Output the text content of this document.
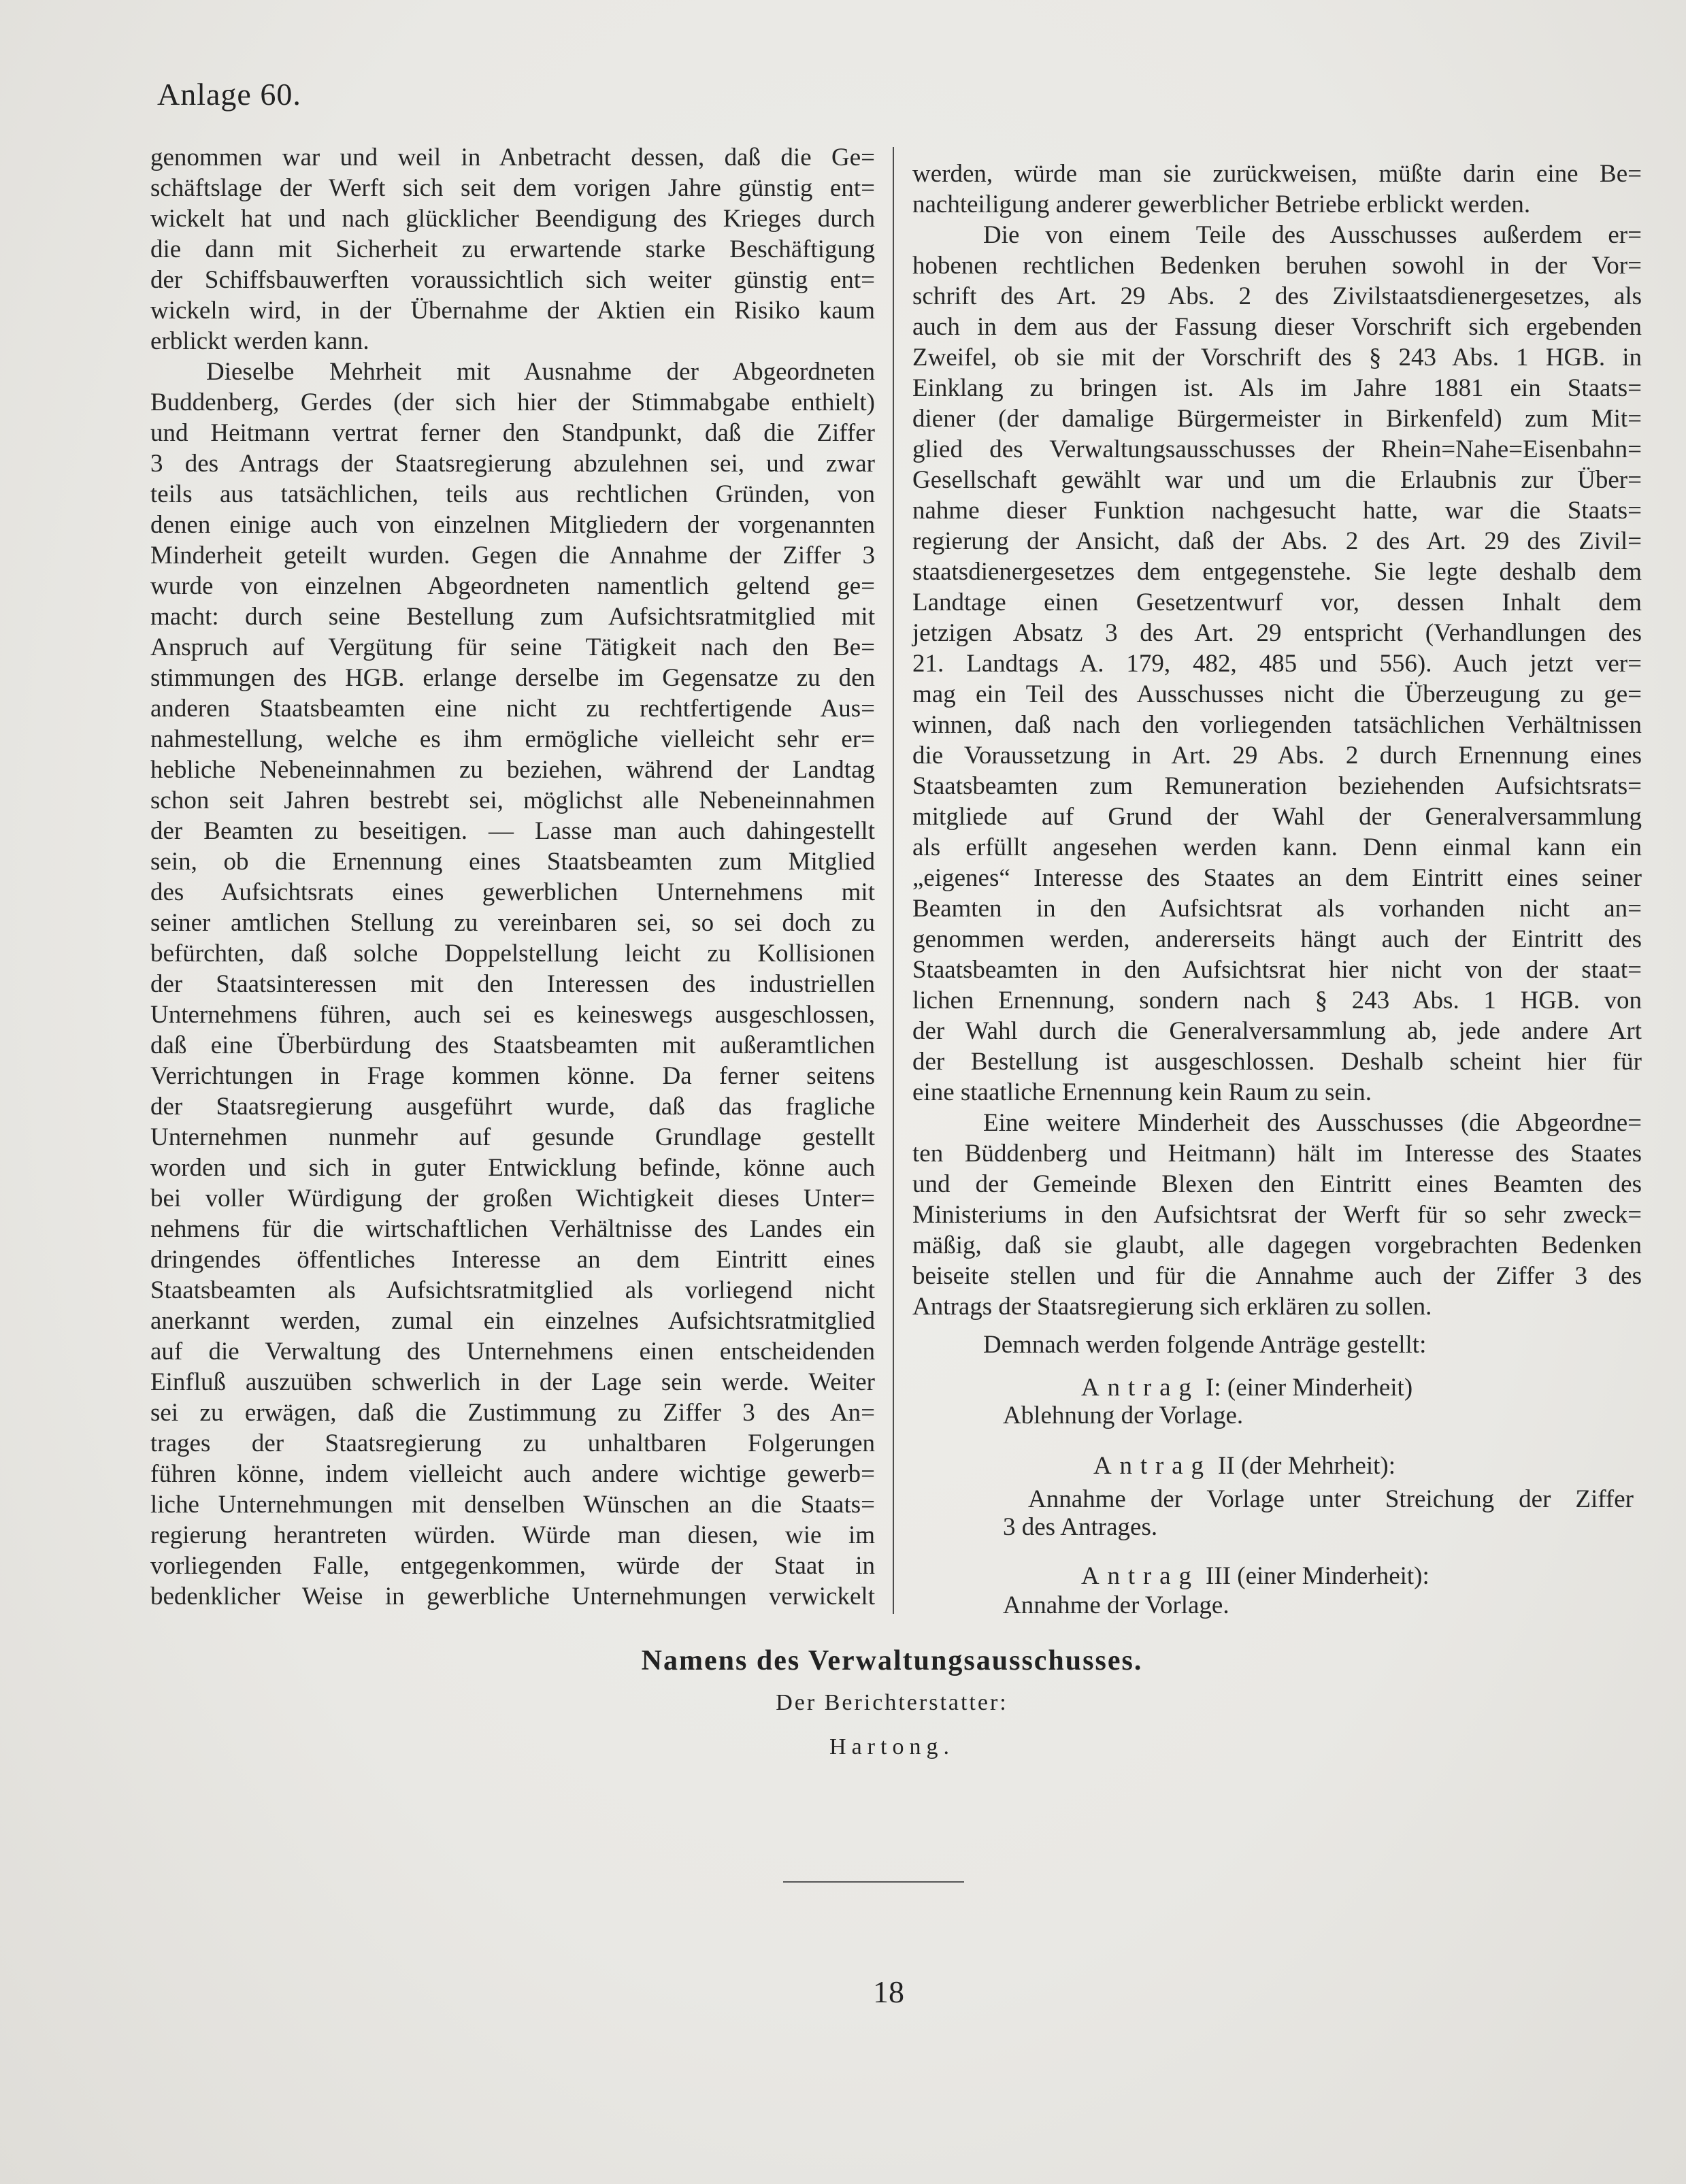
Anlage 60.
genommen war und weil in Anbetracht dessen, daß die Ge=
schäftslage der Werft sich seit dem vorigen Jahre günstig ent=
wickelt hat und nach glücklicher Beendigung des Krieges durch
die dann mit Sicherheit zu erwartende starke Beschäftigung
der Schiffsbauwerften voraussichtlich sich weiter günstig ent=
wickeln wird, in der Übernahme der Aktien ein Risiko kaum
erblickt werden kann.
Dieselbe Mehrheit mit Ausnahme der Abgeordneten
Buddenberg, Gerdes (der sich hier der Stimmabgabe enthielt)
und Heitmann vertrat ferner den Standpunkt, daß die Ziffer
3 des Antrags der Staatsregierung abzulehnen sei, und zwar
teils aus tatsächlichen, teils aus rechtlichen Gründen, von
denen einige auch von einzelnen Mitgliedern der vorgenannten
Minderheit geteilt wurden. Gegen die Annahme der Ziffer 3
wurde von einzelnen Abgeordneten namentlich geltend ge=
macht: durch seine Bestellung zum Aufsichtsratmitglied mit
Anspruch auf Vergütung für seine Tätigkeit nach den Be=
stimmungen des HGB. erlange derselbe im Gegensatze zu den
anderen Staatsbeamten eine nicht zu rechtfertigende Aus=
nahmestellung, welche es ihm ermögliche vielleicht sehr er=
hebliche Nebeneinnahmen zu beziehen, während der Landtag
schon seit Jahren bestrebt sei, möglichst alle Nebeneinnahmen
der Beamten zu beseitigen. — Lasse man auch dahingestellt
sein, ob die Ernennung eines Staatsbeamten zum Mitglied
des Aufsichtsrats eines gewerblichen Unternehmens mit
seiner amtlichen Stellung zu vereinbaren sei, so sei doch zu
befürchten, daß solche Doppelstellung leicht zu Kollisionen
der Staatsinteressen mit den Interessen des industriellen
Unternehmens führen, auch sei es keineswegs ausgeschlossen,
daß eine Überbürdung des Staatsbeamten mit außeramtlichen
Verrichtungen in Frage kommen könne. Da ferner seitens
der Staatsregierung ausgeführt wurde, daß das fragliche
Unternehmen nunmehr auf gesunde Grundlage gestellt
worden und sich in guter Entwicklung befinde, könne auch
bei voller Würdigung der großen Wichtigkeit dieses Unter=
nehmens für die wirtschaftlichen Verhältnisse des Landes ein
dringendes öffentliches Interesse an dem Eintritt eines
Staatsbeamten als Aufsichtsratmitglied als vorliegend nicht
anerkannt werden, zumal ein einzelnes Aufsichtsratmitglied
auf die Verwaltung des Unternehmens einen entscheidenden
Einfluß auszuüben schwerlich in der Lage sein werde. Weiter
sei zu erwägen, daß die Zustimmung zu Ziffer 3 des An=
trages der Staatsregierung zu unhaltbaren Folgerungen
führen könne, indem vielleicht auch andere wichtige gewerb=
liche Unternehmungen mit denselben Wünschen an die Staats=
regierung herantreten würden. Würde man diesen, wie im
vorliegenden Falle, entgegenkommen, würde der Staat in
bedenklicher Weise in gewerbliche Unternehmungen verwickelt
werden, würde man sie zurückweisen, müßte darin eine Be=
nachteiligung anderer gewerblicher Betriebe erblickt werden.
Die von einem Teile des Ausschusses außerdem er=
hobenen rechtlichen Bedenken beruhen sowohl in der Vor=
schrift des Art. 29 Abs. 2 des Zivilstaatsdienergesetzes, als
auch in dem aus der Fassung dieser Vorschrift sich ergebenden
Zweifel, ob sie mit der Vorschrift des § 243 Abs. 1 HGB. in
Einklang zu bringen ist. Als im Jahre 1881 ein Staats=
diener (der damalige Bürgermeister in Birkenfeld) zum Mit=
glied des Verwaltungsausschusses der Rhein=Nahe=Eisenbahn=
Gesellschaft gewählt war und um die Erlaubnis zur Über=
nahme dieser Funktion nachgesucht hatte, war die Staats=
regierung der Ansicht, daß der Abs. 2 des Art. 29 des Zivil=
staatsdienergesetzes dem entgegenstehe. Sie legte deshalb dem
Landtage einen Gesetzentwurf vor, dessen Inhalt dem
jetzigen Absatz 3 des Art. 29 entspricht (Verhandlungen des
21. Landtags A. 179, 482, 485 und 556). Auch jetzt ver=
mag ein Teil des Ausschusses nicht die Überzeugung zu ge=
winnen, daß nach den vorliegenden tatsächlichen Verhältnissen
die Voraussetzung in Art. 29 Abs. 2 durch Ernennung eines
Staatsbeamten zum Remuneration beziehenden Aufsichtsrats=
mitgliede auf Grund der Wahl der Generalversammlung
als erfüllt angesehen werden kann. Denn einmal kann ein
„eigenes“ Interesse des Staates an dem Eintritt eines seiner
Beamten in den Aufsichtsrat als vorhanden nicht an=
genommen werden, andererseits hängt auch der Eintritt des
Staatsbeamten in den Aufsichtsrat hier nicht von der staat=
lichen Ernennung, sondern nach § 243 Abs. 1 HGB. von
der Wahl durch die Generalversammlung ab, jede andere Art
der Bestellung ist ausgeschlossen. Deshalb scheint hier für
eine staatliche Ernennung kein Raum zu sein.
Eine weitere Minderheit des Ausschusses (die Abgeordne=
ten Büddenberg und Heitmann) hält im Interesse des Staates
und der Gemeinde Blexen den Eintritt eines Beamten des
Ministeriums in den Aufsichtsrat der Werft für so sehr zweck=
mäßig, daß sie glaubt, alle dagegen vorgebrachten Bedenken
beiseite stellen und für die Annahme auch der Ziffer 3 des
Antrags der Staatsregierung sich erklären zu sollen.
Demnach werden folgende Anträge gestellt:
Antrag I: (einer Minderheit)
Ablehnung der Vorlage.
Antrag II (der Mehrheit):
Annahme der Vorlage unter Streichung der Ziffer
3 des Antrages.
Antrag III (einer Minderheit):
Annahme der Vorlage.
Namens des Verwaltungsausschusses.
Der Berichterstatter:
Hartong.
18
